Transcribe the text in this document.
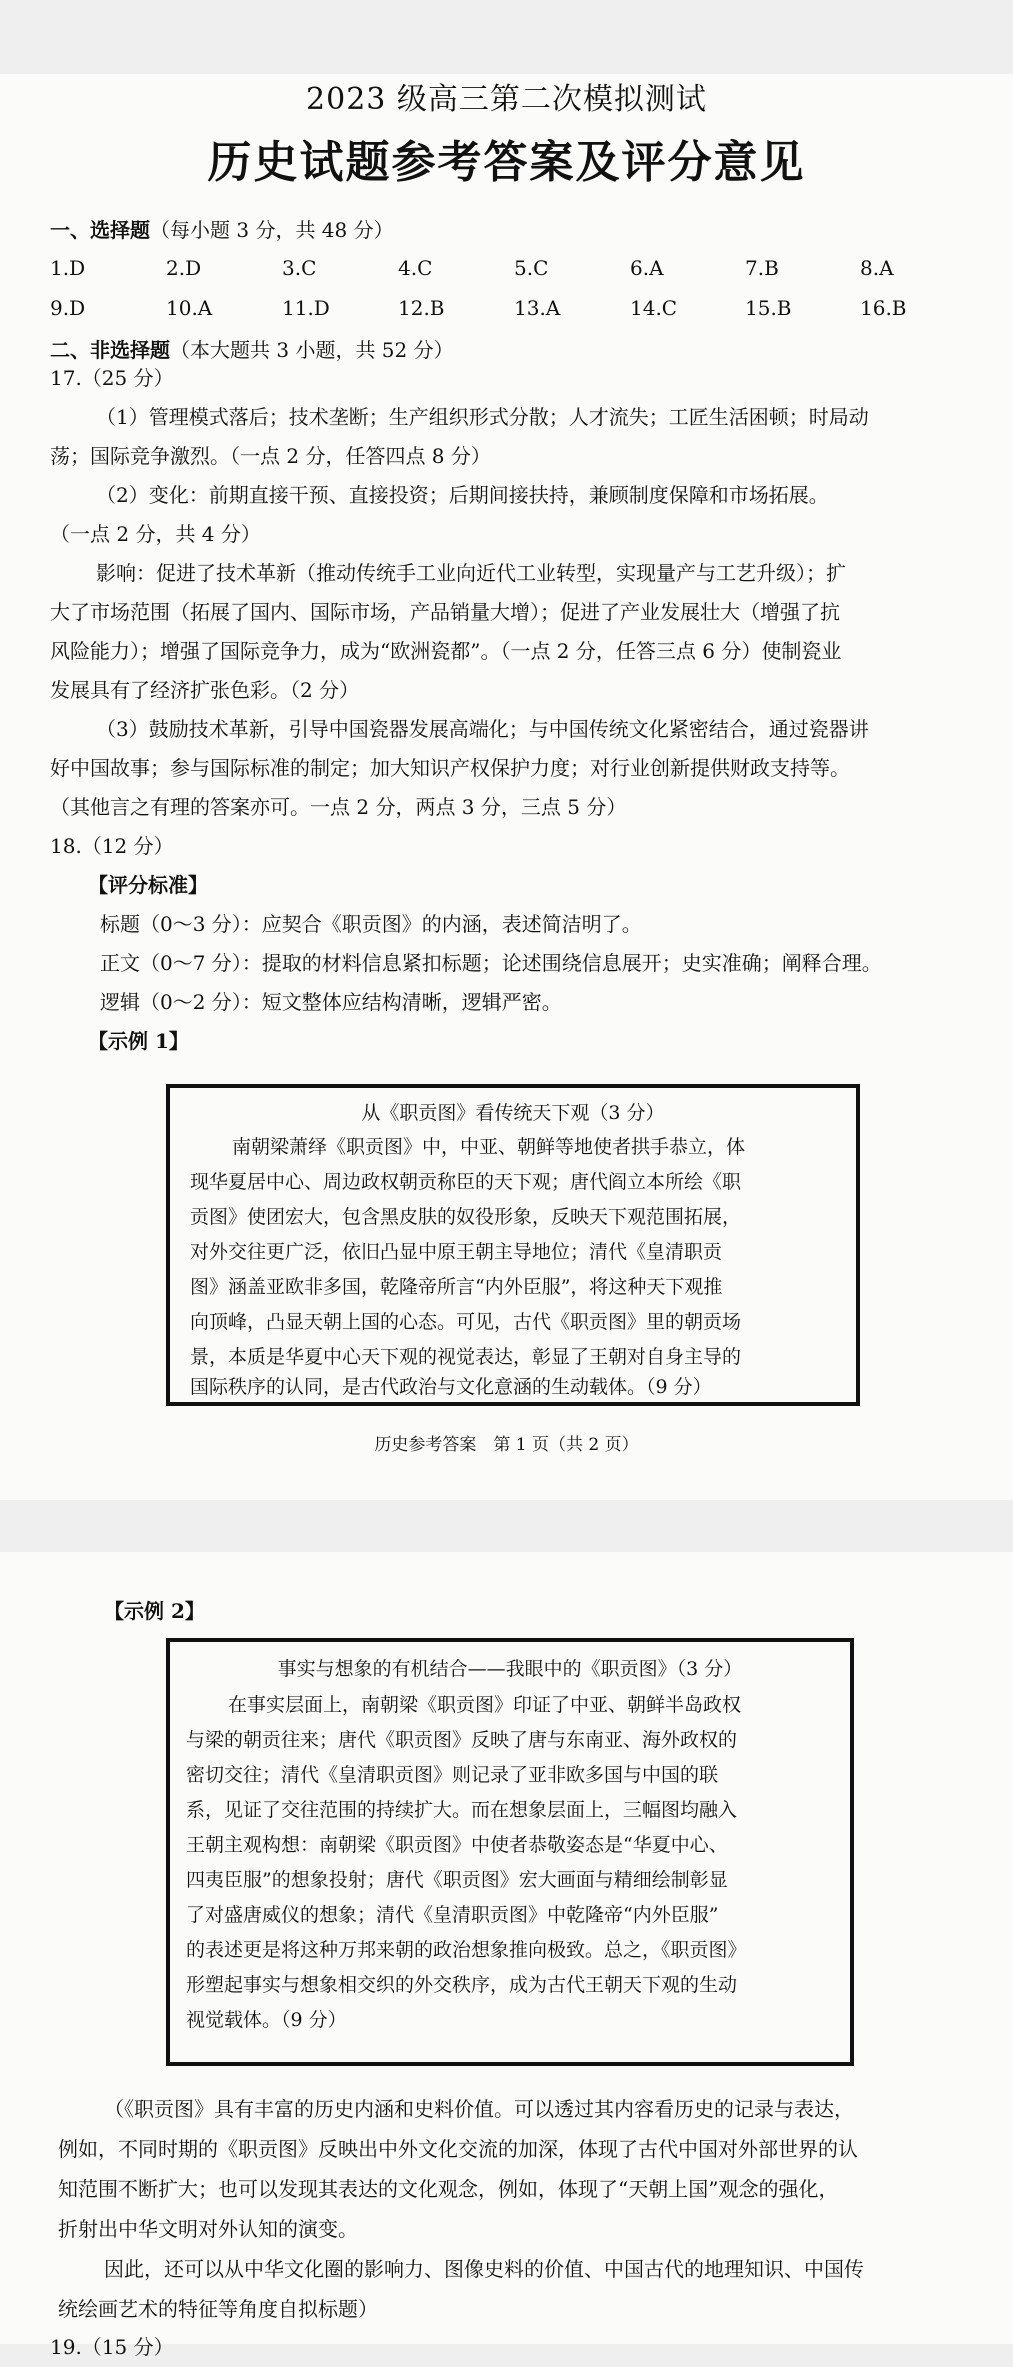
2023 级高三第二次模拟测试
历史试题参考答案及评分意见
一、选择题（每小题 3 分，共 48 分）
1.D	2.D	3.C	4.C	5.C	6.A	7.B	8.A
9.D	10.A	11.D	12.B	13.A	14.C	15.B	16.B
二、非选择题（本大题共 3 小题，共 52 分）
17.（25 分）
（1）管理模式落后；技术垄断；生产组织形式分散；人才流失；工匠生活困顿；时局动
荡；国际竞争激烈。（一点 2 分，任答四点 8 分）
（2）变化：前期直接干预、直接投资；后期间接扶持，兼顾制度保障和市场拓展。
（一点 2 分，共 4 分）
影响：促进了技术革新（推动传统手工业向近代工业转型，实现量产与工艺升级）；扩
大了市场范围（拓展了国内、国际市场，产品销量大增）；促进了产业发展壮大（增强了抗
风险能力）；增强了国际竞争力，成为“欧洲瓷都”。（一点 2 分，任答三点 6 分）使制瓷业
发展具有了经济扩张色彩。（2 分）
（3）鼓励技术革新，引导中国瓷器发展高端化；与中国传统文化紧密结合，通过瓷器讲
好中国故事；参与国际标准的制定；加大知识产权保护力度；对行业创新提供财政支持等。
（其他言之有理的答案亦可。一点 2 分，两点 3 分，三点 5 分）
18.（12 分）
【评分标准】
标题（0～3 分）：应契合《职贡图》的内涵，表述简洁明了。
正文（0～7 分）：提取的材料信息紧扣标题；论述围绕信息展开；史实准确；阐释合理。
逻辑（0～2 分）：短文整体应结构清晰，逻辑严密。
【示例 1】
从《职贡图》看传统天下观（3 分）
南朝梁萧绎《职贡图》中，中亚、朝鲜等地使者拱手恭立，体
现华夏居中心、周边政权朝贡称臣的天下观；唐代阎立本所绘《职
贡图》使团宏大，包含黑皮肤的奴役形象，反映天下观范围拓展，
对外交往更广泛，依旧凸显中原王朝主导地位；清代《皇清职贡
图》涵盖亚欧非多国，乾隆帝所言“内外臣服”，将这种天下观推
向顶峰，凸显天朝上国的心态。可见，古代《职贡图》里的朝贡场
景，本质是华夏中心天下观的视觉表达，彰显了王朝对自身主导的
国际秩序的认同，是古代政治与文化意涵的生动载体。（9 分）
历史参考答案　第 1 页（共 2 页）
【示例 2】
事实与想象的有机结合——我眼中的《职贡图》（3 分）
在事实层面上，南朝梁《职贡图》印证了中亚、朝鲜半岛政权
与梁的朝贡往来；唐代《职贡图》反映了唐与东南亚、海外政权的
密切交往；清代《皇清职贡图》则记录了亚非欧多国与中国的联
系，见证了交往范围的持续扩大。而在想象层面上，三幅图均融入
王朝主观构想：南朝梁《职贡图》中使者恭敬姿态是“华夏中心、
四夷臣服”的想象投射；唐代《职贡图》宏大画面与精细绘制彰显
了对盛唐威仪的想象；清代《皇清职贡图》中乾隆帝“内外臣服”
的表述更是将这种万邦来朝的政治想象推向极致。总之，《职贡图》
形塑起事实与想象相交织的外交秩序，成为古代王朝天下观的生动
视觉载体。（9 分）
（《职贡图》具有丰富的历史内涵和史料价值。可以透过其内容看历史的记录与表达，
例如，不同时期的《职贡图》反映出中外文化交流的加深，体现了古代中国对外部世界的认
知范围不断扩大；也可以发现其表达的文化观念，例如，体现了“天朝上国”观念的强化，
折射出中华文明对外认知的演变。
因此，还可以从中华文化圈的影响力、图像史料的价值、中国古代的地理知识、中国传
统绘画艺术的特征等角度自拟标题）
19.（15 分）
